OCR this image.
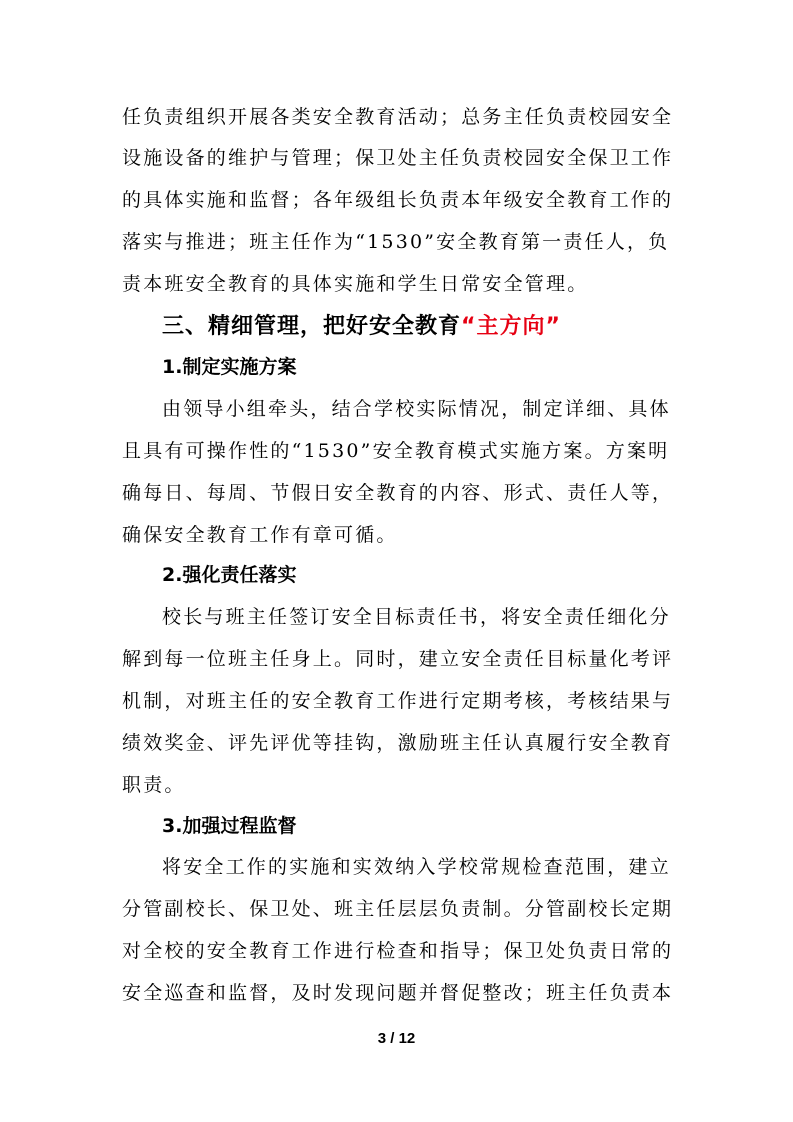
任负责组织开展各类安全教育活动；总务主任负责校园安全
设施设备的维护与管理；保卫处主任负责校园安全保卫工作
的具体实施和监督；各年级组长负责本年级安全教育工作的
落实与推进；班主任作为“1530”安全教育第一责任人，负
责本班安全教育的具体实施和学生日常安全管理。
三、精细管理，把好安全教育“主方向”
1.制定实施方案
由领导小组牵头，结合学校实际情况，制定详细、具体
且具有可操作性的“1530”安全教育模式实施方案。方案明
确每日、每周、节假日安全教育的内容、形式、责任人等，
确保安全教育工作有章可循。
2.强化责任落实
校长与班主任签订安全目标责任书，将安全责任细化分
解到每一位班主任身上。同时，建立安全责任目标量化考评
机制，对班主任的安全教育工作进行定期考核，考核结果与
绩效奖金、评先评优等挂钩，激励班主任认真履行安全教育
职责。
3.加强过程监督
将安全工作的实施和实效纳入学校常规检查范围，建立
分管副校长、保卫处、班主任层层负责制。分管副校长定期
对全校的安全教育工作进行检查和指导；保卫处负责日常的
安全巡查和监督，及时发现问题并督促整改；班主任负责本
3 / 12
